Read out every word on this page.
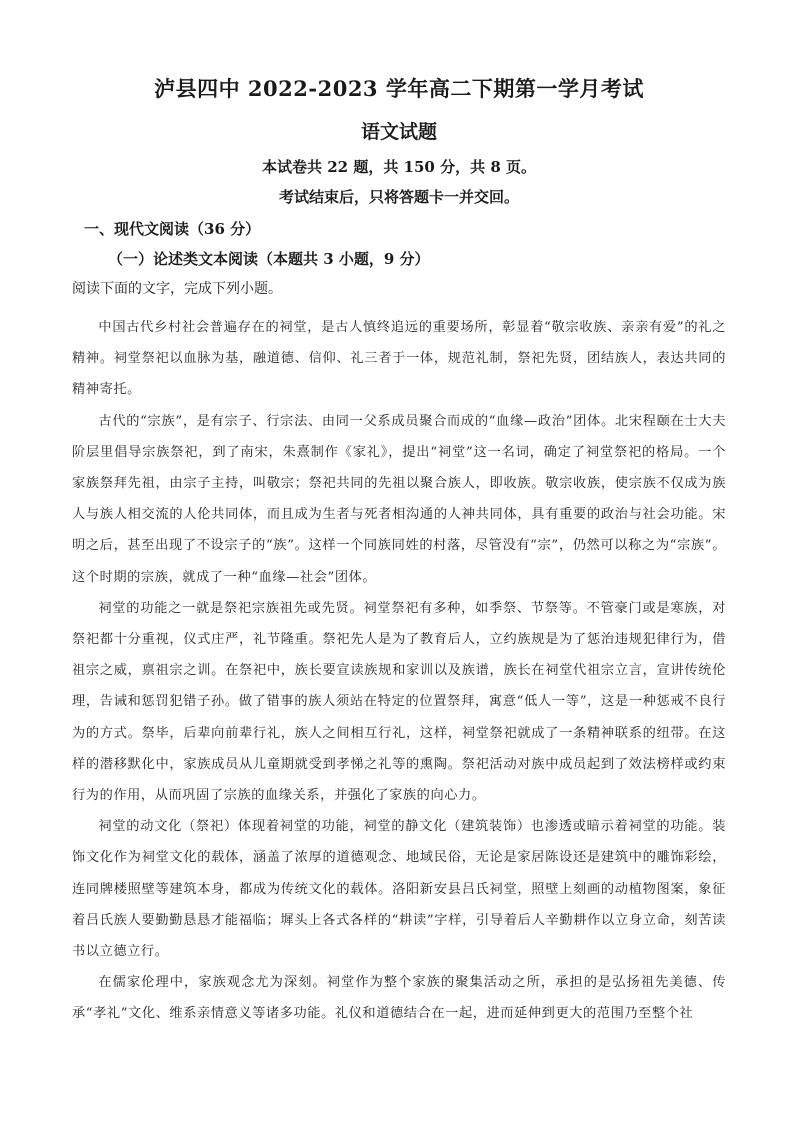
泸县四中 2022-2023 学年高二下期第一学月考试
语文试题
本试卷共 22 题，共 150 分，共 8 页。
考试结束后，只将答题卡一并交回。
一、现代文阅读（36 分）
（一）论述类文本阅读（本题共 3 小题，9 分）
阅读下面的文字，完成下列小题。

中国古代乡村社会普遍存在的祠堂，是古人慎终追远的重要场所，彰显着“敬宗收族、亲亲有爱”的礼之精神。祠堂祭祀以血脉为基，融道德、信仰、礼三者于一体，规范礼制，祭祀先贤，团结族人，表达共同的精神寄托。

古代的“宗族”，是有宗子、行宗法、由同一父系成员聚合而成的“血缘—政治”团体。北宋程颐在士大夫阶层里倡导宗族祭祀，到了南宋，朱熹制作《家礼》，提出“祠堂”这一名词，确定了祠堂祭祀的格局。一个家族祭拜先祖，由宗子主持，叫敬宗；祭祀共同的先祖以聚合族人，即收族。敬宗收族，使宗族不仅成为族人与族人相交流的人伦共同体，而且成为生者与死者相沟通的人神共同体，具有重要的政治与社会功能。宋明之后，甚至出现了不设宗子的“族”。这样一个同族同姓的村落，尽管没有“宗”，仍然可以称之为“宗族”。这个时期的宗族，就成了一种“血缘—社会”团体。

祠堂的功能之一就是祭祀宗族祖先或先贤。祠堂祭祀有多种，如季祭、节祭等。不管豪门或是寒族，对祭祀都十分重视，仪式庄严，礼节隆重。祭祀先人是为了教育后人，立约族规是为了惩治违规犯律行为，借祖宗之威，禀祖宗之训。在祭祀中，族长要宣读族规和家训以及族谱，族长在祠堂代祖宗立言，宣讲传统伦理，告诫和惩罚犯错子孙。做了错事的族人须站在特定的位置祭拜，寓意“低人一等”，这是一种惩戒不良行为的方式。祭毕，后辈向前辈行礼，族人之间相互行礼，这样，祠堂祭祀就成了一条精神联系的纽带。在这样的潜移默化中，家族成员从儿童期就受到孝悌之礼等的熏陶。祭祀活动对族中成员起到了效法榜样或约束行为的作用，从而巩固了宗族的血缘关系，并强化了家族的向心力。

祠堂的动文化（祭祀）体现着祠堂的功能，祠堂的静文化（建筑装饰）也渗透或暗示着祠堂的功能。装饰文化作为祠堂文化的载体，涵盖了浓厚的道德观念、地域民俗，无论是家居陈设还是建筑中的雕饰彩绘，连同牌楼照壁等建筑本身，都成为传统文化的载体。洛阳新安县吕氏祠堂，照壁上刻画的动植物图案，象征着吕氏族人要勤勤恳恳才能福临；墀头上各式各样的“耕读”字样，引导着后人辛勤耕作以立身立命，刻苦读书以立德立行。

在儒家伦理中，家族观念尤为深刻。祠堂作为整个家族的聚集活动之所，承担的是弘扬祖先美德、传承“孝礼”文化、维系亲情意义等诸多功能。礼仪和道德结合在一起，进而延伸到更大的范围乃至整个社
